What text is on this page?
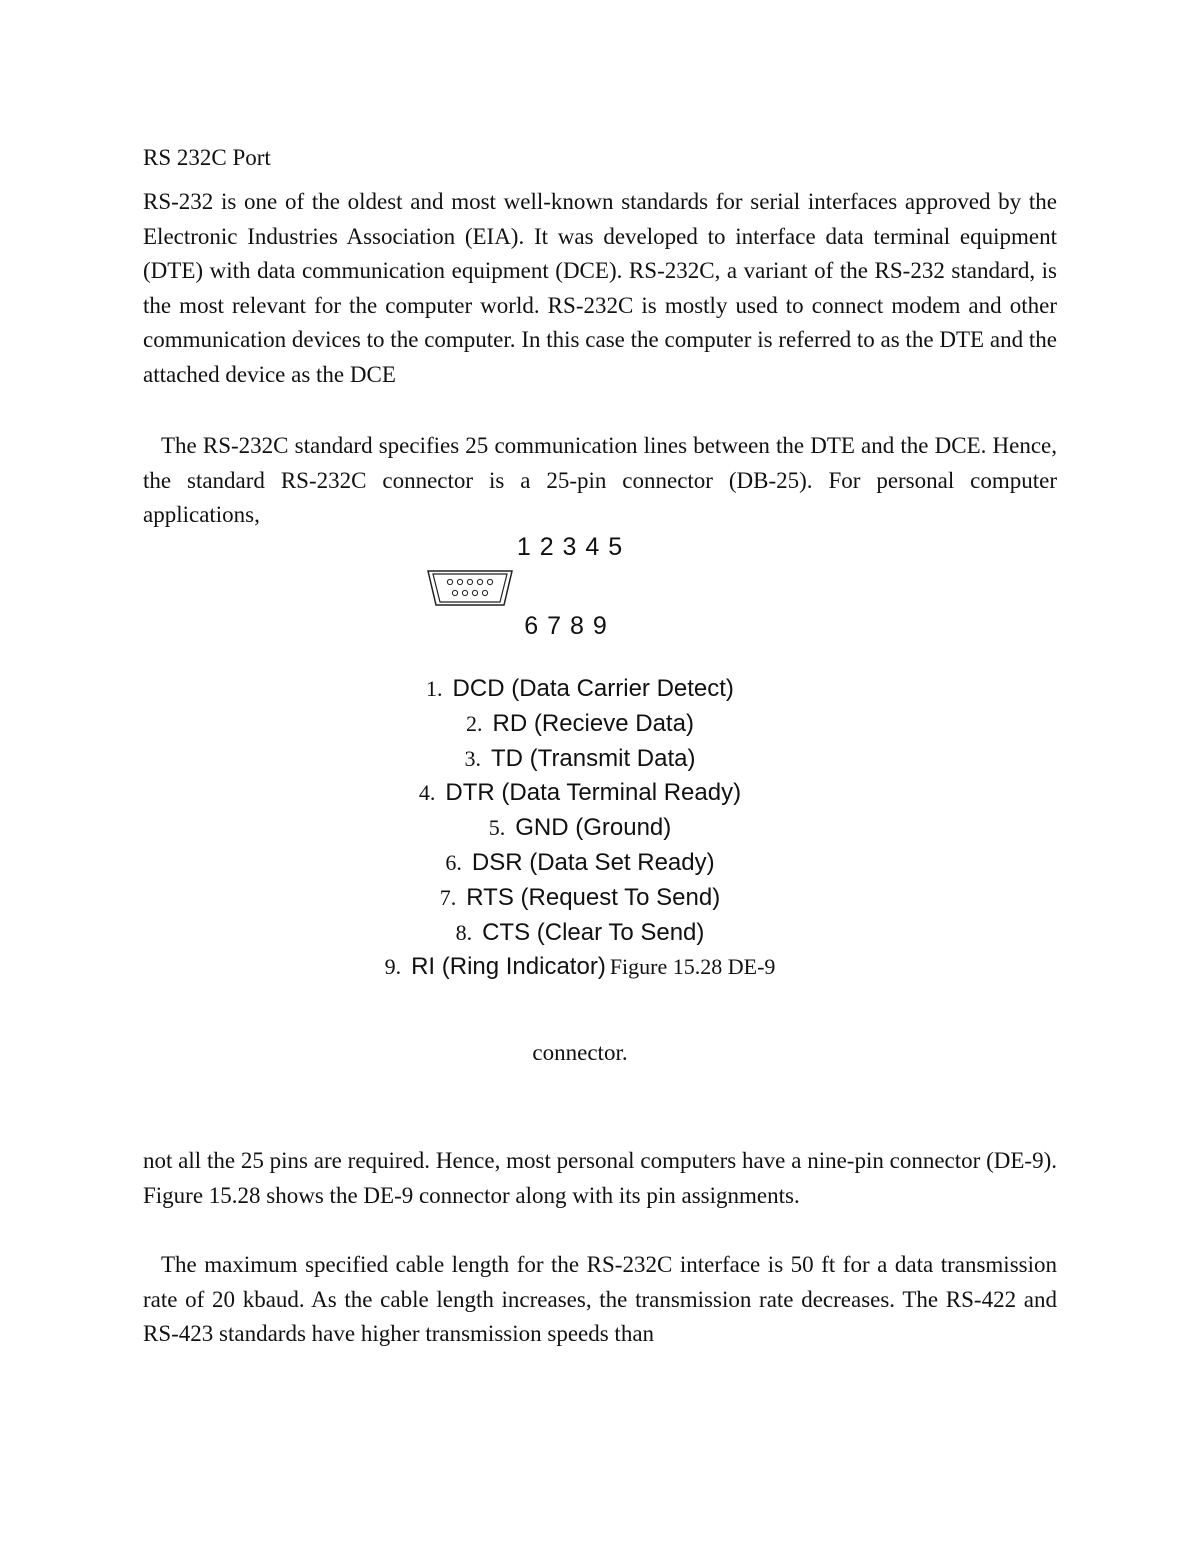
RS 232C Port
RS-232 is one of the oldest and most well-known standards for serial interfaces approved by the Electronic Industries Association (EIA). It was developed to interface data terminal equipment (DTE) with data communication equipment (DCE). RS-232C, a variant of the RS-232 standard, is the most relevant for the computer world. RS-232C is mostly used to connect modem and other communication devices to the computer. In this case the computer is referred to as the DTE and the attached device as the DCE
The RS-232C standard specifies 25 communication lines between the DTE and the DCE. Hence, the standard RS-232C connector is a 25-pin connector (DB-25). For personal computer applications,
1 2 3 4 5
6 7 8 9
1. DCD (Data Carrier Detect)
2. RD (Recieve Data)
3. TD (Transmit Data)
4. DTR (Data Terminal Ready)
5. GND (Ground)
6. DSR (Data Set Ready)
7. RTS (Request To Send)
8. CTS (Clear To Send)
9. RI (Ring Indicator) Figure 15.28 DE-9
connector.
not all the 25 pins are required. Hence, most personal computers have a nine-pin connector (DE-9). Figure 15.28 shows the DE-9 connector along with its pin assignments.
The maximum specified cable length for the RS-232C interface is 50 ft for a data transmission rate of 20 kbaud. As the cable length increases, the transmission rate decreases. The RS-422 and RS-423 standards have higher transmission speeds than
